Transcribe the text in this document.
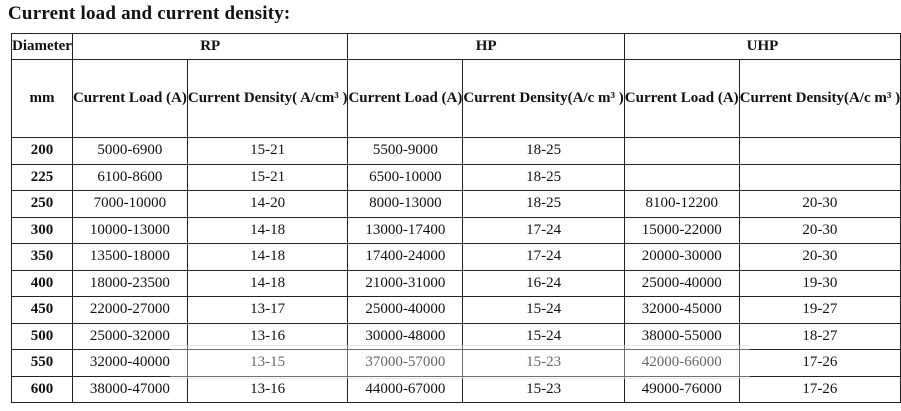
Current load and current density:
Diameter	RP		HP		UHP	
mm	Current Load (A)	Current Density( A/cm³ )	Current Load (A)	Current Density(A/c m³ )	Current Load (A)	Current Density(A/c m³ )
200	5000-6900	15-21	5500-9000	18-25		
225	6100-8600	15-21	6500-10000	18-25		
250	7000-10000	14-20	8000-13000	18-25	8100-12200	20-30
300	10000-13000	14-18	13000-17400	17-24	15000-22000	20-30
350	13500-18000	14-18	17400-24000	17-24	20000-30000	20-30
400	18000-23500	14-18	21000-31000	16-24	25000-40000	19-30
450	22000-27000	13-17	25000-40000	15-24	32000-45000	19-27
500	25000-32000	13-16	30000-48000	15-24	38000-55000	18-27
550	32000-40000	13-15	37000-57000	15-23	42000-66000	17-26
600	38000-47000	13-16	44000-67000	15-23	49000-76000	17-26
